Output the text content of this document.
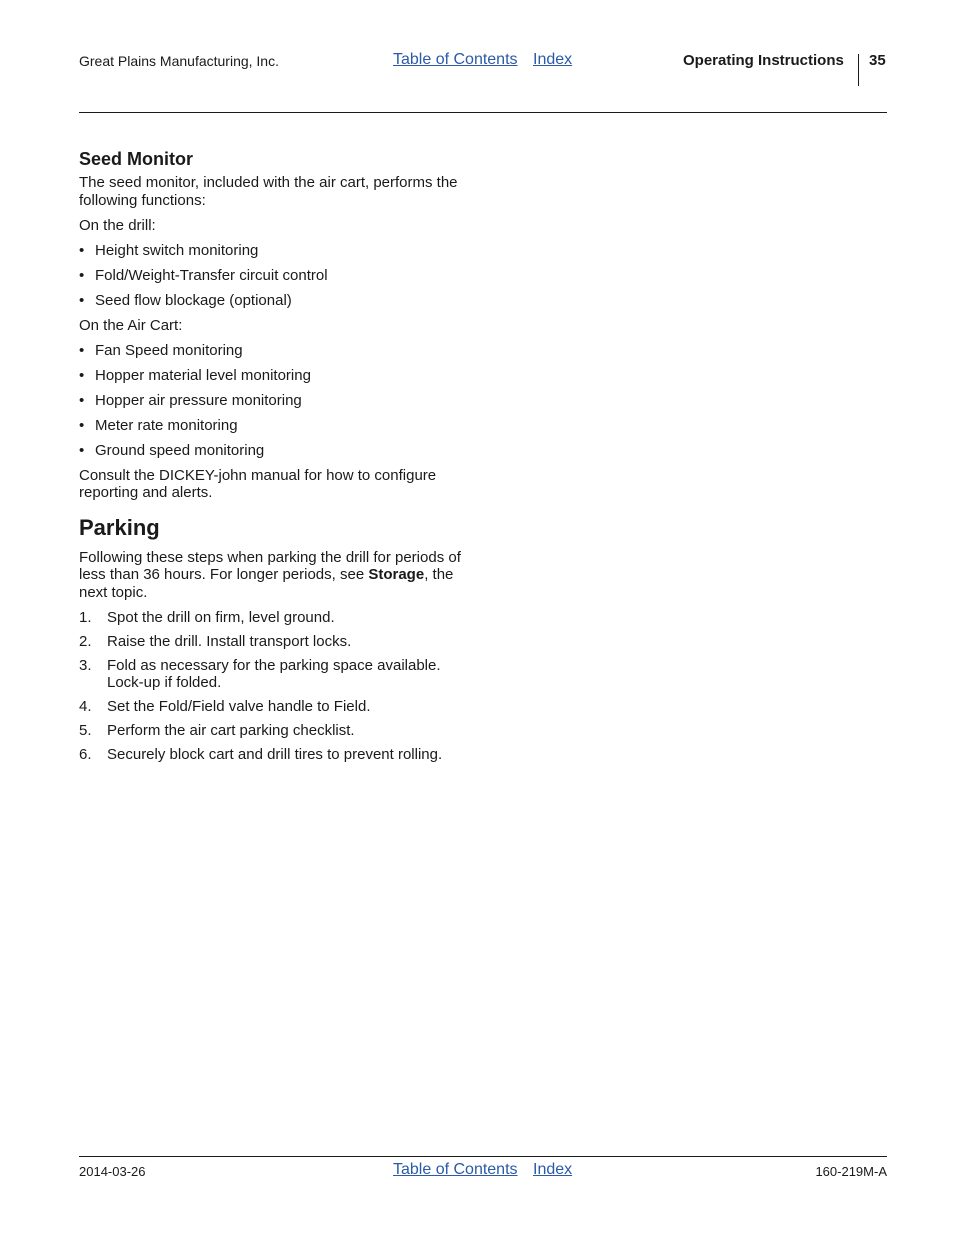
Great Plains Manufacturing, Inc.	Table of Contents Index	Operating Instructions 35
Seed Monitor

The seed monitor, included with the air cart, performs the following functions:

On the drill:

• Height switch monitoring
• Fold/Weight-Transfer circuit control
• Seed flow blockage (optional)

On the Air Cart:

• Fan Speed monitoring
• Hopper material level monitoring
• Hopper air pressure monitoring
• Meter rate monitoring
• Ground speed monitoring

Consult the DICKEY-john manual for how to configure reporting and alerts.

Parking

Following these steps when parking the drill for periods of less than 36 hours. For longer periods, see Storage, the next topic.

1. Spot the drill on firm, level ground.
2. Raise the drill. Install transport locks.
3. Fold as necessary for the parking space available. Lock-up if folded.
4. Set the Fold/Field valve handle to Field.
5. Perform the air cart parking checklist.
6. Securely block cart and drill tires to prevent rolling.
2014-03-26	Table of Contents Index	160-219M-A
